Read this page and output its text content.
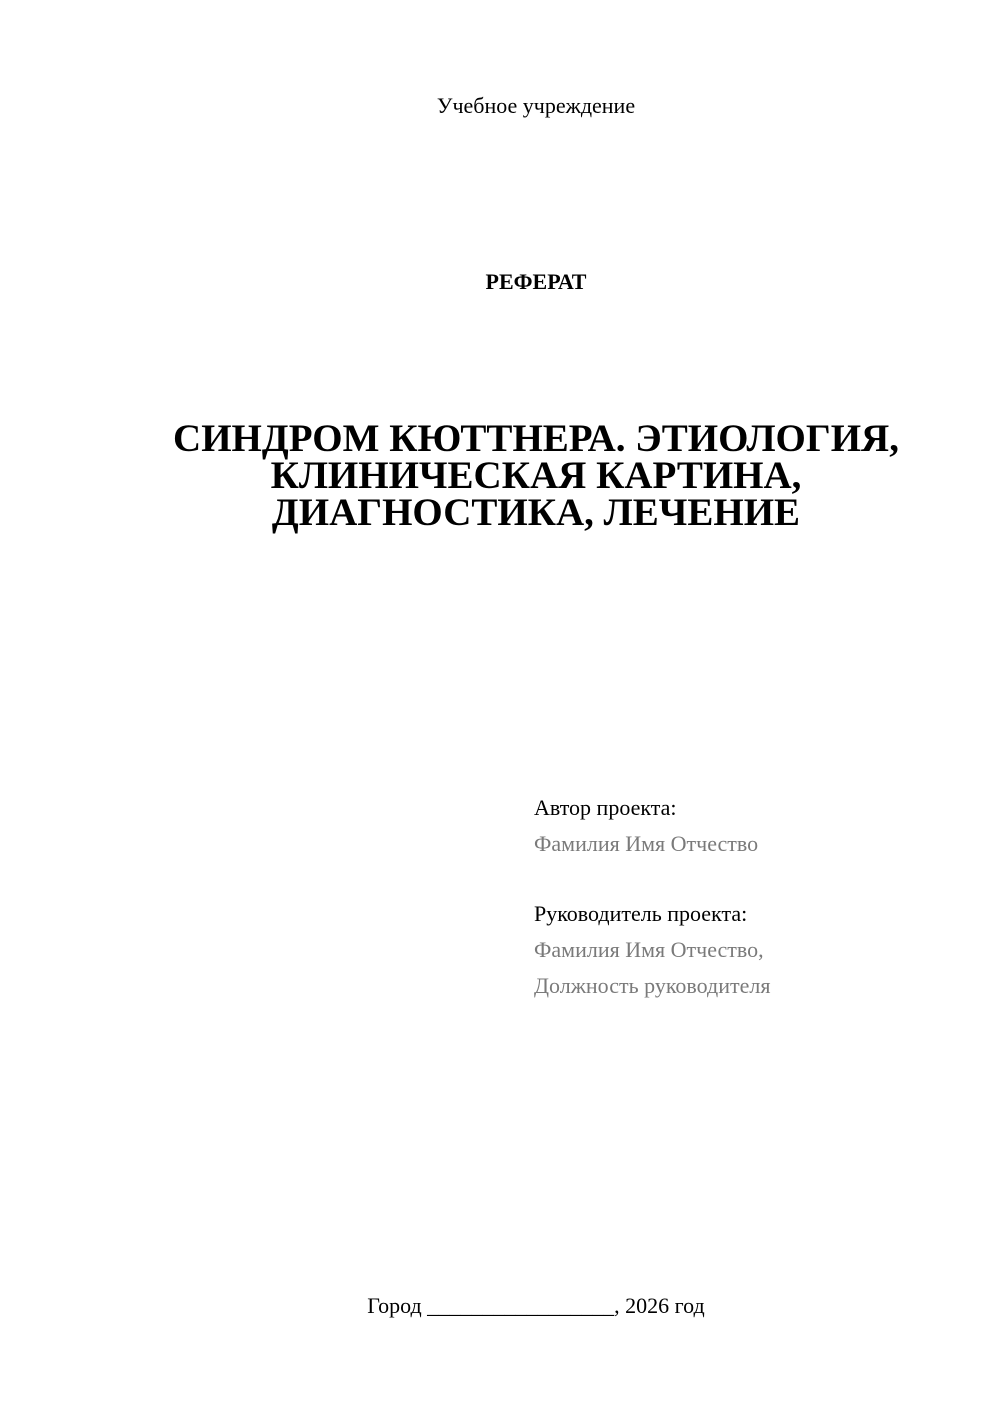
Учебное учреждение
РЕФЕРАТ
СИНДРОМ КЮТТНЕРА. ЭТИОЛОГИЯ,
КЛИНИЧЕСКАЯ КАРТИНА,
ДИАГНОСТИКА, ЛЕЧЕНИЕ
Автор проекта:
Фамилия Имя Отчество
Руководитель проекта:
Фамилия Имя Отчество,
Должность руководителя
Город _________________, 2026 год
